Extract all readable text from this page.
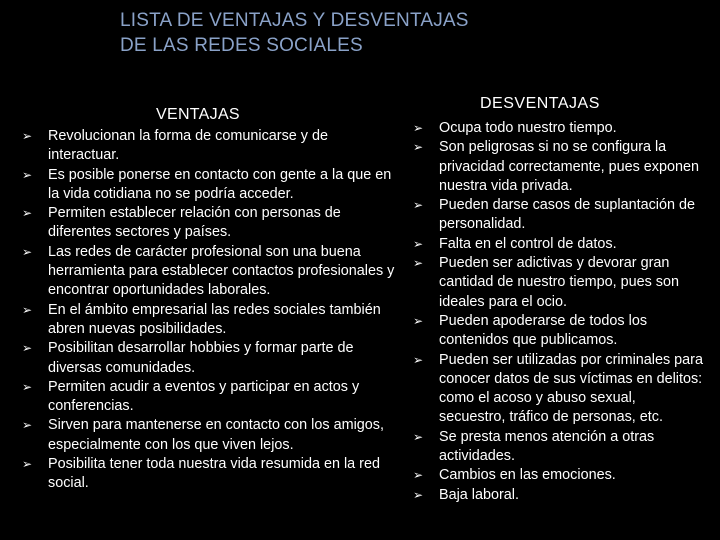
LISTA DE VENTAJAS Y DESVENTAJAS
DE LAS REDES SOCIALES
VENTAJAS
DESVENTAJAS
➢ Revolucionan la forma de comunicarse y de interactuar.
➢ Es posible ponerse en contacto con gente a la que en la vida cotidiana no se podría acceder.
➢ Permiten establecer relación con personas de diferentes sectores y países.
➢ Las redes de carácter profesional son una buena herramienta para establecer contactos profesionales y encontrar oportunidades laborales.
➢ En el ámbito empresarial las redes sociales también abren nuevas posibilidades.
➢ Posibilitan desarrollar hobbies y formar parte de diversas comunidades.
➢ Permiten acudir a eventos y participar en actos y conferencias.
➢ Sirven para mantenerse en contacto con los amigos, especialmente con los que viven lejos.
➢ Posibilita tener toda nuestra vida resumida en la red social.
➢ Ocupa todo nuestro tiempo.
➢ Son peligrosas si no se configura la privacidad correctamente, pues exponen nuestra vida privada.
➢ Pueden darse casos de suplantación de personalidad.
➢ Falta en el control de datos.
➢ Pueden ser adictivas y devorar gran cantidad de nuestro tiempo, pues son ideales para el ocio.
➢ Pueden apoderarse de todos los contenidos que publicamos.
➢ Pueden ser utilizadas por criminales para conocer datos de sus víctimas en delitos: como el acoso y abuso sexual, secuestro, tráfico de personas, etc.
➢ Se presta menos atención a otras actividades.
➢ Cambios en las emociones.
➢ Baja laboral.
